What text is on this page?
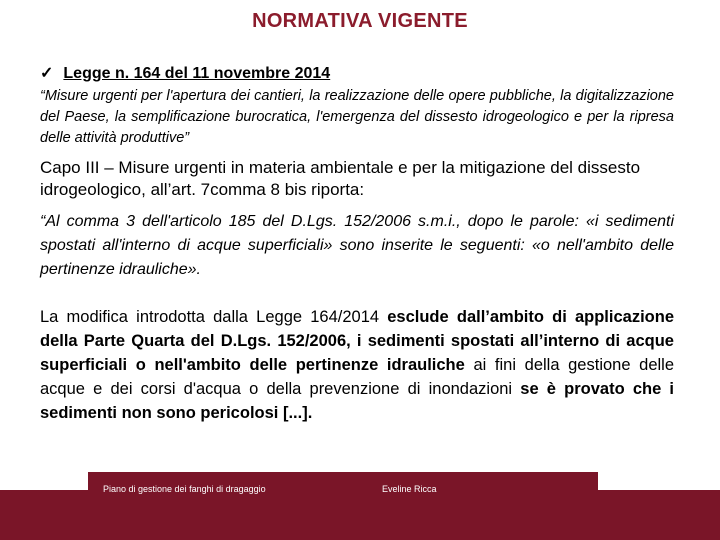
NORMATIVA VIGENTE
✓ Legge n. 164 del 11 novembre 2014
“Misure urgenti per l'apertura dei cantieri, la realizzazione delle opere pubbliche, la digitalizzazione del Paese, la semplificazione burocratica, l'emergenza del dissesto idrogeologico e per la ripresa delle attività produttive”
Capo III – Misure urgenti in materia ambientale e per la mitigazione del dissesto idrogeologico, all’art. 7comma 8 bis riporta:
“Al comma 3 dell'articolo 185 del D.Lgs. 152/2006 s.m.i., dopo le parole: «i sedimenti spostati all'interno di acque superficiali» sono inserite le seguenti: «o nell'ambito delle pertinenze idrauliche».
La modifica introdotta dalla Legge 164/2014 esclude dall’ambito di applicazione della Parte Quarta del D.Lgs. 152/2006, i sedimenti spostati all’interno di acque superficiali o nell'ambito delle pertinenze idrauliche ai fini della gestione delle acque e dei corsi d'acqua o della prevenzione di inondazioni se è provato che i sedimenti non sono pericolosi [...].
Piano di gestione dei fanghi di dragaggio	Eveline Ricca
